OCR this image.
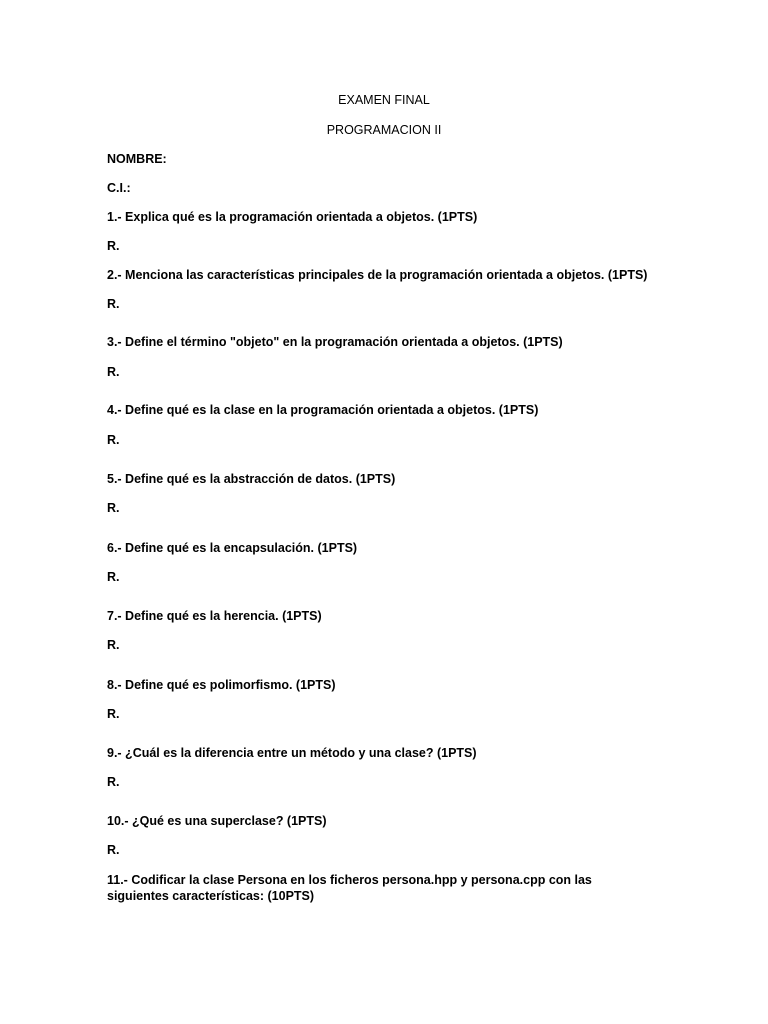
EXAMEN FINAL
PROGRAMACION II
NOMBRE:
C.I.:
1.- Explica qué es la programación orientada a objetos. (1PTS)
R.
2.- Menciona las características principales de la programación orientada a objetos. (1PTS)
R.
3.- Define el término "objeto" en la programación orientada a objetos. (1PTS)
R.
4.- Define qué es la clase en la programación orientada a objetos. (1PTS)
R.
5.- Define qué es la abstracción de datos. (1PTS)
R.
6.- Define qué es la encapsulación. (1PTS)
R.
7.- Define qué es la herencia. (1PTS)
R.
8.- Define qué es polimorfismo. (1PTS)
R.
9.- ¿Cuál es la diferencia entre un método y una clase? (1PTS)
R.
10.- ¿Qué es una superclase? (1PTS)
R.
11.- Codificar la clase Persona en los ficheros persona.hpp y persona.cpp con las siguientes características: (10PTS)
